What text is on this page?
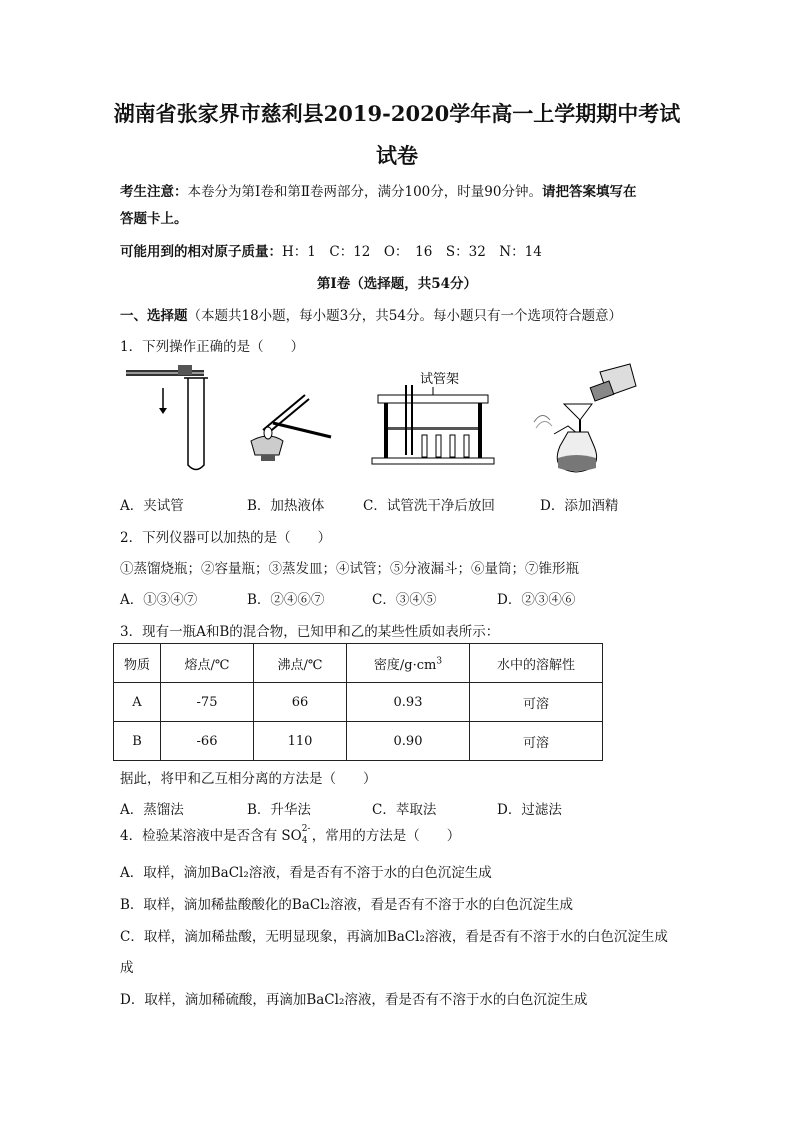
湖南省张家界市慈利县2019-2020学年高一上学期期中考试
试卷
考生注意：本卷分为第Ⅰ卷和第Ⅱ卷两部分，满分100分，时量90分钟。请把答案填写在
答题卡上。
可能用到的相对原子质量：H：1　C：12　O：　16　S：32　N：14
第Ⅰ卷（选择题，共54分）
一、选择题（本题共18小题，每小题3分，共54分。每小题只有一个选项符合题意）
1．下列操作正确的是（　　）
试管架
A．夹试管	B．加热液体	C．试管洗干净后放回	D．添加酒精
2．下列仪器可以加热的是（　　）
①蒸馏烧瓶；②容量瓶；③蒸发皿；④试管；⑤分液漏斗；⑥量筒；⑦锥形瓶
A．①③④⑦	B．②④⑥⑦	C．③④⑤	D．②③④⑥
3．现有一瓶A和B的混合物，已知甲和乙的某些性质如表所示：
物质	熔点/℃	沸点/℃	密度$/g\cdot cm^3$	水中的溶解性
A	-75	66	0.93	可溶
B	-66	110	0.90	可溶
据此，将甲和乙互相分离的方法是（　　）
A．蒸馏法	B．升华法	C．萃取法	D．过滤法
4．检验某溶液中是否含有 SO 2-
4 ，常用的方法是（　　）
A．取样，滴加BaCl₂溶液，看是否有不溶于水的白色沉淀生成
B．取样，滴加稀盐酸酸化的BaCl₂溶液，看是否有不溶于水的白色沉淀生成
C．取样，滴加稀盐酸，无明显现象，再滴加BaCl₂溶液，看是否有不溶于水的白色沉淀生成
成
D．取样，滴加稀硫酸，再滴加BaCl₂溶液，看是否有不溶于水的白色沉淀生成
